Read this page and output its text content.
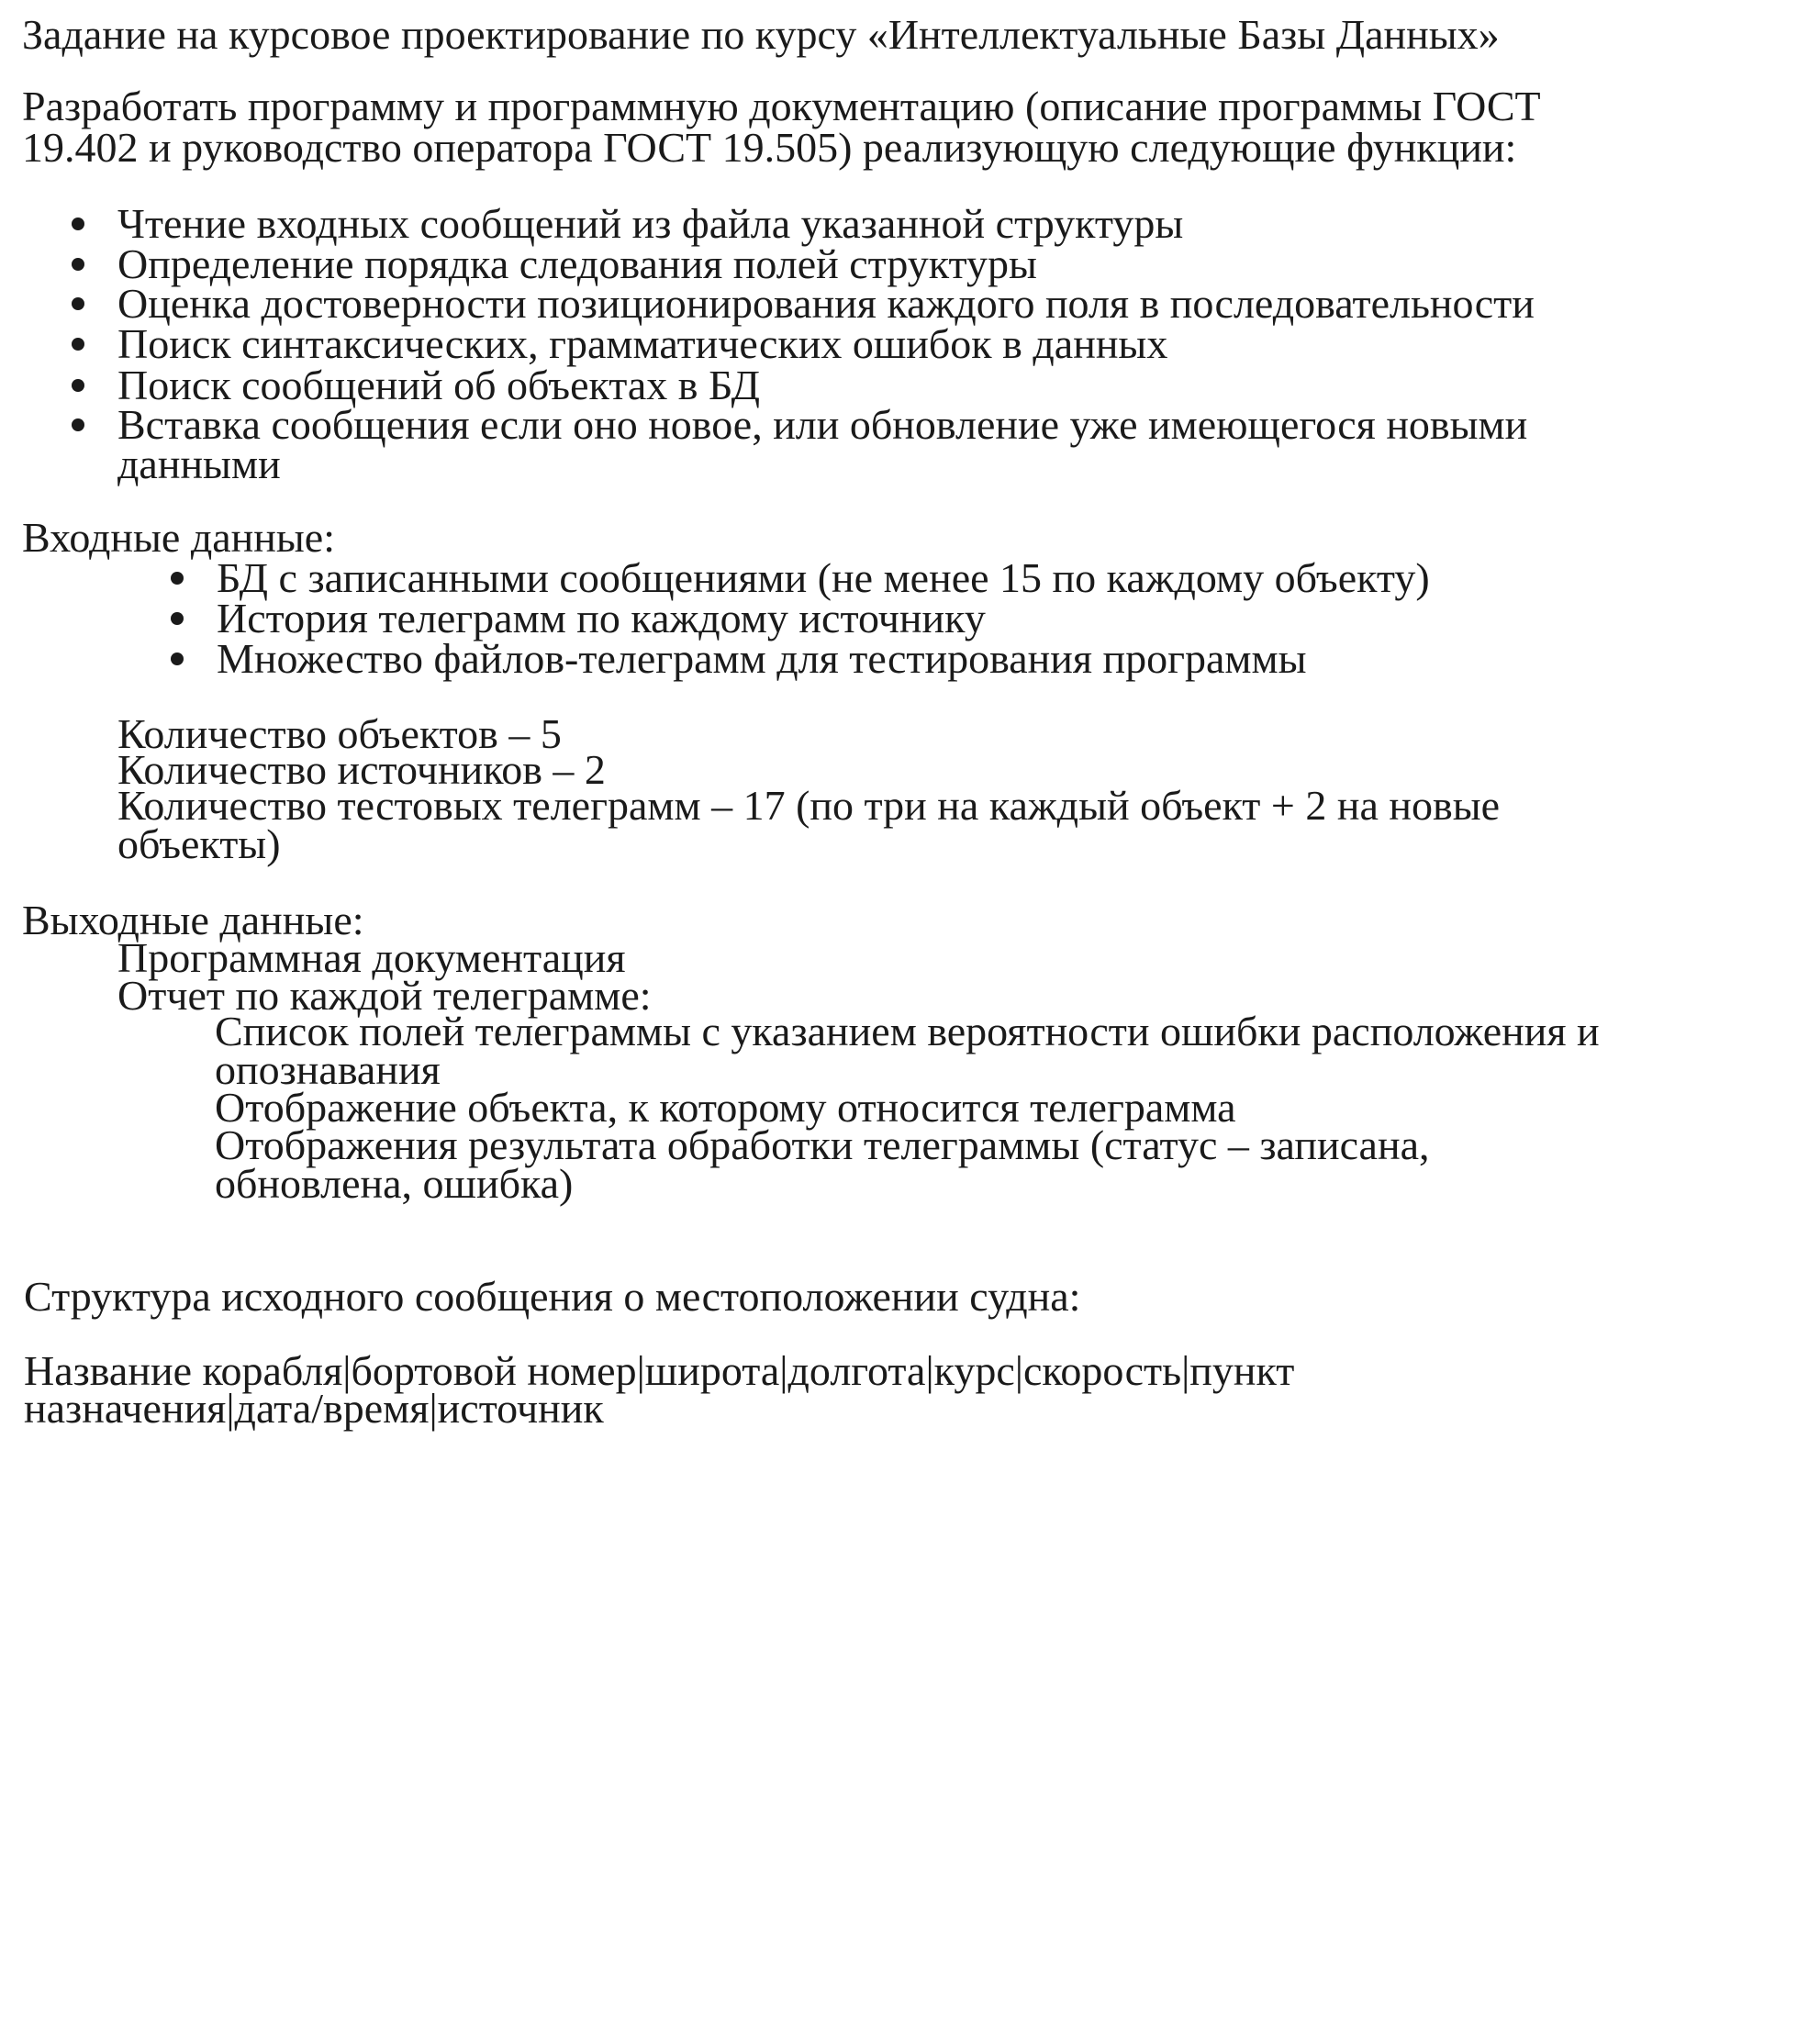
Задание на курсовое проектирование по курсу «Интеллектуальные Базы Данных»
Разработать программу и программную документацию (описание программы ГОСТ
19.402 и руководство оператора ГОСТ 19.505) реализующую следующие функции:
Чтение входных сообщений из файла указанной структуры
Определение порядка следования полей структуры
Оценка достоверности позиционирования каждого поля в последовательности
Поиск синтаксических, грамматических ошибок в данных
Поиск сообщений об объектах в БД
Вставка сообщения если оно новое, или обновление уже имеющегося новыми
данными
Входные данные:
БД с записанными сообщениями (не менее 15 по каждому объекту)
История телеграмм по каждому источнику
Множество файлов-телеграмм для тестирования программы
Количество объектов – 5
Количество источников – 2
Количество тестовых телеграмм – 17 (по три на каждый объект + 2 на новые
объекты)
Выходные данные:
Программная документация
Отчет по каждой телеграмме:
Список полей телеграммы с указанием вероятности ошибки расположения и
опознавания
Отображение объекта, к которому относится телеграмма
Отображения результата обработки телеграммы (статус – записана,
обновлена, ошибка)
Структура исходного сообщения о местоположении судна:
Название корабля|бортовой номер|широта|долгота|курс|скорость|пункт
назначения|дата/время|источник
